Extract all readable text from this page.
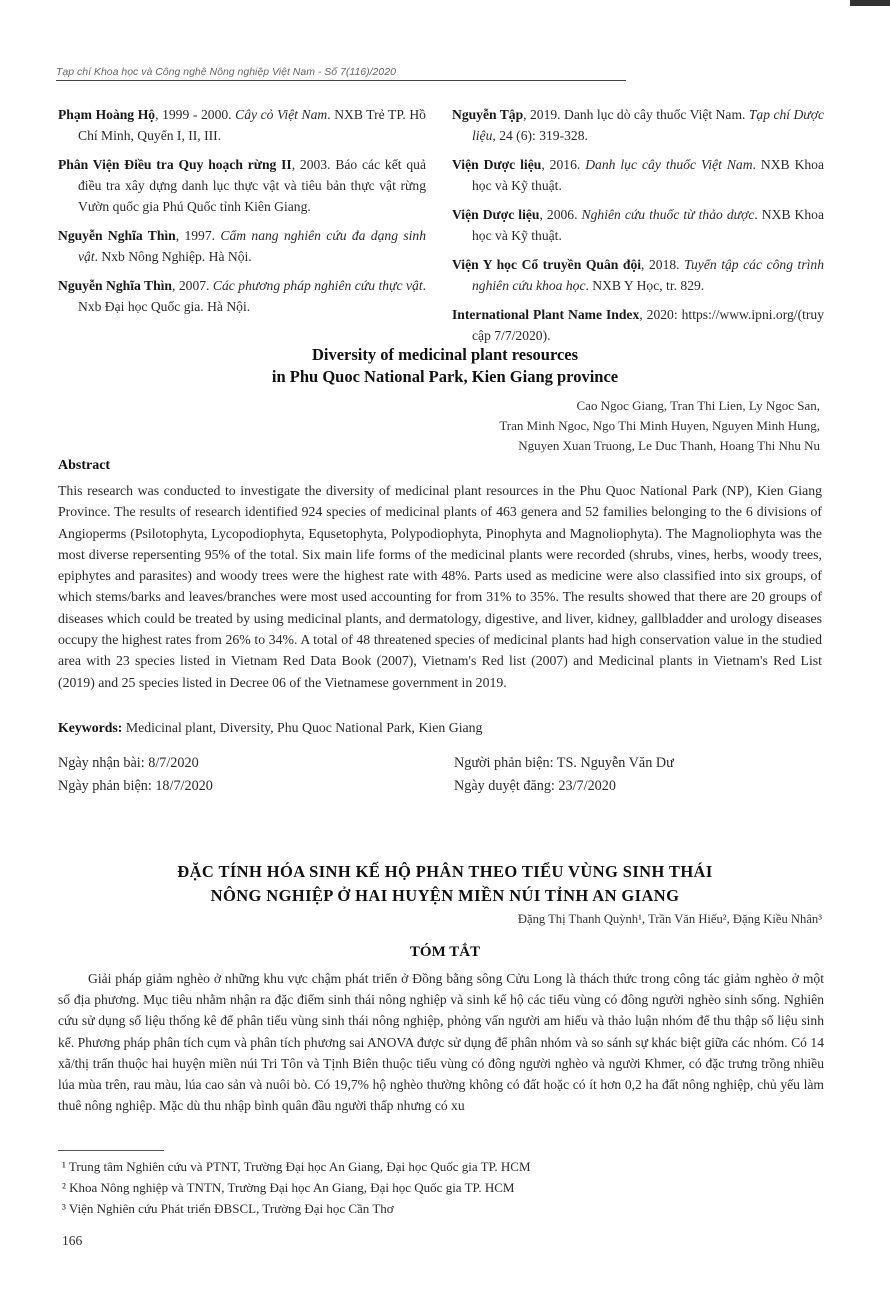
Tạp chí Khoa học và Công nghệ Nông nghiệp Việt Nam - Số 7(116)/2020

Phạm Hoàng Hộ, 1999 - 2000. Cây cỏ Việt Nam. NXB Trẻ TP. Hồ Chí Minh, Quyển I, II, III.

Phân Viện Điều tra Quy hoạch rừng II, 2003. Báo các kết quả điều tra xây dựng danh lục thực vật và tiêu bản thực vật rừng Vườn quốc gia Phú Quốc tỉnh Kiên Giang.

Nguyễn Nghĩa Thìn, 1997. Cẩm nang nghiên cứu đa dạng sinh vật. Nxb Nông Nghiệp. Hà Nội.

Nguyễn Nghĩa Thìn, 2007. Các phương pháp nghiên cứu thực vật. Nxb Đại học Quốc gia. Hà Nội.

Nguyễn Tập, 2019. Danh lục dò cây thuốc Việt Nam. Tạp chí Dược liệu, 24 (6): 319-328.

Viện Dược liệu, 2016. Danh lục cây thuốc Việt Nam. NXB Khoa học và Kỹ thuật.

Viện Dược liệu, 2006. Nghiên cứu thuốc từ thảo dược. NXB Khoa học và Kỹ thuật.

Viện Y học Cổ truyền Quân đội, 2018. Tuyển tập các công trình nghiên cứu khoa học. NXB Y Học, tr. 829.

International Plant Name Index, 2020: https://www.ipni.org/(truy cập 7/7/2020).

Diversity of medicinal plant resources
in Phu Quoc National Park, Kien Giang province
Cao Ngoc Giang, Tran Thi Lien, Ly Ngoc San,
Tran Minh Ngoc, Ngo Thi Minh Huyen, Nguyen Minh Hung,
Nguyen Xuan Truong, Le Duc Thanh, Hoang Thi Nhu Nu
Abstract
This research was conducted to investigate the diversity of medicinal plant resources in the Phu Quoc National Park (NP), Kien Giang Province. The results of research identified 924 species of medicinal plants of 463 genera and 52 families belonging to the 6 divisions of Angioperms (Psilotophyta, Lycopodiophyta, Equsetophyta, Polypodiophyta, Pinophyta and Magnoliophyta). The Magnoliophyta was the most diverse repersenting 95% of the total. Six main life forms of the medicinal plants were recorded (shrubs, vines, herbs, woody trees, epiphytes and parasites) and woody trees were the highest rate with 48%. Parts used as medicine were also classified into six groups, of which stems/barks and leaves/branches were most used accounting for from 31% to 35%. The results showed that there are 20 groups of diseases which could be treated by using medicinal plants, and dermatology, digestive, and liver, kidney, gallbladder and urology diseases occupy the highest rates from 26% to 34%. A total of 48 threatened species of medicinal plants had high conservation value in the studied area with 23 species listed in Vietnam Red Data Book (2007), Vietnam's Red list (2007) and Medicinal plants in Vietnam's Red List (2019) and 25 species listed in Decree 06 of the Vietnamese government in 2019.
Keywords: Medicinal plant, Diversity, Phu Quoc National Park, Kien Giang
Ngày nhận bài: 8/7/2020
Ngày phản biện: 18/7/2020
Người phản biện: TS. Nguyễn Văn Dư
Ngày duyệt đăng: 23/7/2020
ĐẶC TÍNH HÓA SINH KẾ HỘ PHÂN THEO TIỂU VÙNG SINH THÁI
NÔNG NGHIỆP Ở HAI HUYỆN MIỀN NÚI TỈNH AN GIANG
Đặng Thị Thanh Quỳnh¹, Trần Văn Hiếu², Đặng Kiều Nhân³
TÓM TẮT
Giải pháp giảm nghèo ở những khu vực chậm phát triển ở Đồng bằng sông Cửu Long là thách thức trong công tác giảm nghèo ở một số địa phương. Mục tiêu nhằm nhận ra đặc điểm sinh thái nông nghiệp và sinh kế hộ các tiểu vùng có đông người nghèo sinh sống. Nghiên cứu sử dụng số liệu thống kê để phân tiểu vùng sinh thái nông nghiệp, phỏng vấn người am hiểu và thảo luận nhóm để thu thập số liệu sinh kế. Phương pháp phân tích cụm và phân tích phương sai ANOVA được sử dụng để phân nhóm và so sánh sự khác biệt giữa các nhóm. Có 14 xã/thị trấn thuộc hai huyện miền núi Tri Tôn và Tịnh Biên thuộc tiểu vùng có đông người nghèo và người Khmer, có đặc trưng trồng nhiều lúa mùa trên, rau màu, lúa cao sản và nuôi bò. Có 19,7% hộ nghèo thường không có đất hoặc có ít hơn 0,2 ha đất nông nghiệp, chủ yếu làm thuê nông nghiệp. Mặc dù thu nhập bình quân đầu người thấp nhưng có xu
¹ Trung tâm Nghiên cứu và PTNT, Trường Đại học An Giang, Đại học Quốc gia TP. HCM
² Khoa Nông nghiệp và TNTN, Trường Đại học An Giang, Đại học Quốc gia TP. HCM
³ Viện Nghiên cứu Phát triển ĐBSCL, Trường Đại học Cần Thơ
166
